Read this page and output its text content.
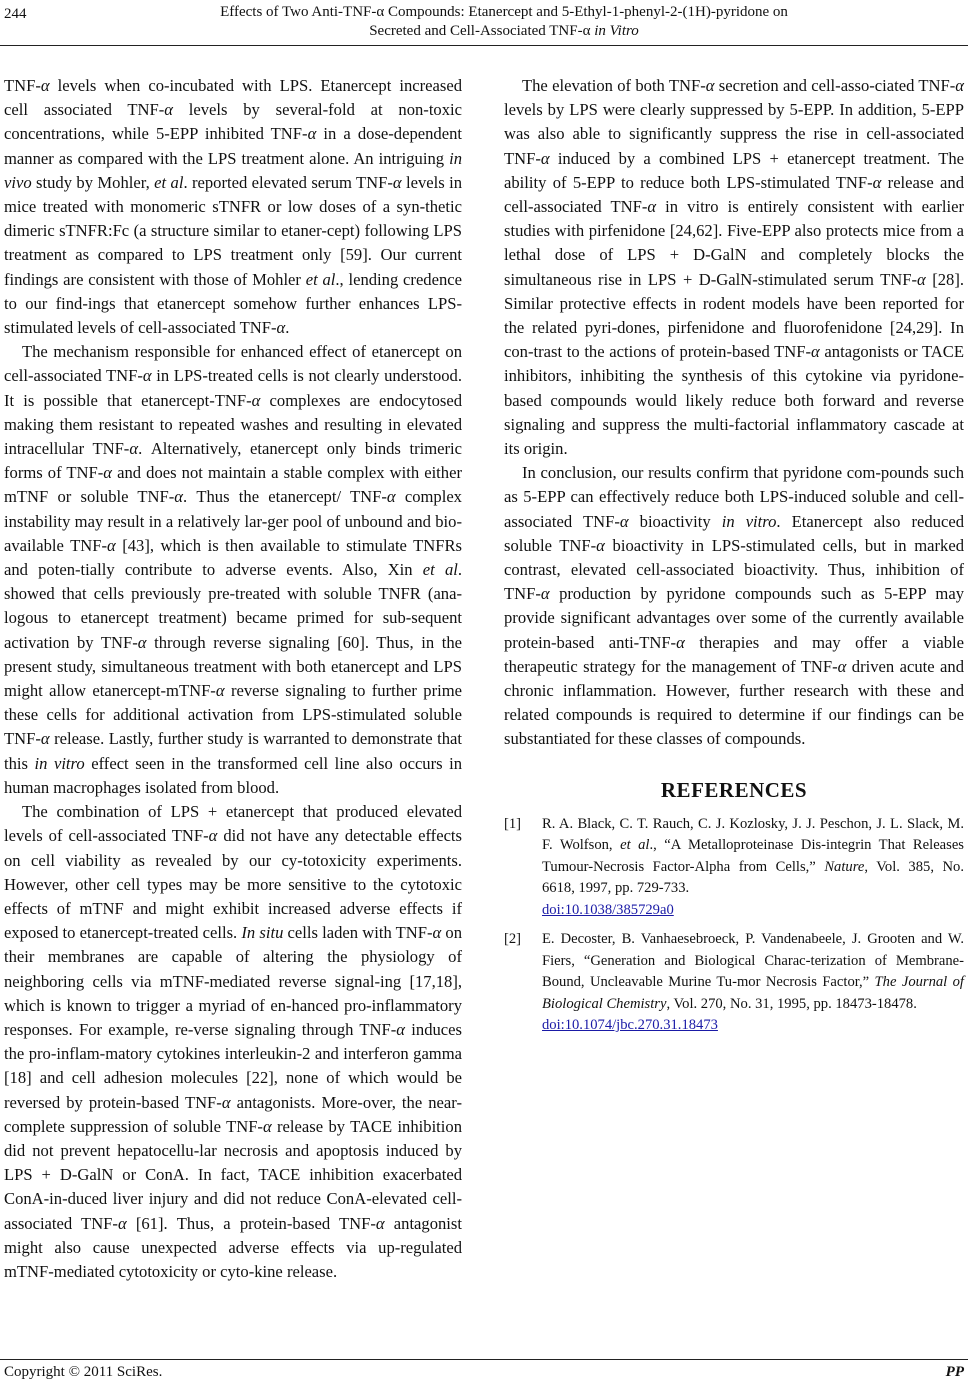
244	Effects of Two Anti-TNF-α Compounds: Etanercept and 5-Ethyl-1-phenyl-2-(1H)-pyridone on
Secreted and Cell-Associated TNF-α in Vitro

TNF-α levels when co-incubated with LPS. Etanercept increased cell associated TNF-α levels by several-fold at non-toxic concentrations, while 5-EPP inhibited TNF-α in a dose-dependent manner as compared with the LPS treatment alone. An intriguing in vivo study by Mohler, et al. reported elevated serum TNF-α levels in mice treated with monomeric sTNFR or low doses of a syn-thetic dimeric sTNFR:Fc (a structure similar to etaner-cept) following LPS treatment as compared to LPS treatment only [59]. Our current findings are consistent with those of Mohler et al., lending credence to our find-ings that etanercept somehow further enhances LPS-stimulated levels of cell-associated TNF-α.

The mechanism responsible for enhanced effect of etanercept on cell-associated TNF-α in LPS-treated cells is not clearly understood. It is possible that etanercept-TNF-α complexes are endocytosed making them resistant to repeated washes and resulting in elevated intracellular TNF-α. Alternatively, etanercept only binds trimeric forms of TNF-α and does not maintain a stable complex with either mTNF or soluble TNF-α. Thus the etanercept/ TNF-α complex instability may result in a relatively lar-ger pool of unbound and bio-available TNF-α [43], which is then available to stimulate TNFRs and poten-tially contribute to adverse events. Also, Xin et al. showed that cells previously pre-treated with soluble TNFR (ana-logous to etanercept treatment) became primed for sub-sequent activation by TNF-α through reverse signaling [60]. Thus, in the present study, simultaneous treatment with both etanercept and LPS might allow etanercept-mTNF-α reverse signaling to further prime these cells for additional activation from LPS-stimulated soluble TNF-α release. Lastly, further study is warranted to demonstrate that this in vitro effect seen in the transformed cell line also occurs in human macrophages isolated from blood.

The combination of LPS + etanercept that produced elevated levels of cell-associated TNF-α did not have any detectable effects on cell viability as revealed by our cy-totoxicity experiments. However, other cell types may be more sensitive to the cytotoxic effects of mTNF and might exhibit increased adverse effects if exposed to etanercept-treated cells. In situ cells laden with TNF-α on their membranes are capable of altering the physiology of neighboring cells via mTNF-mediated reverse signal-ing [17,18], which is known to trigger a myriad of en-hanced pro-inflammatory responses. For example, re-verse signaling through TNF-α induces the pro-inflam-matory cytokines interleukin-2 and interferon gamma [18] and cell adhesion molecules [22], none of which would be reversed by protein-based TNF-α antagonists. More-over, the near-complete suppression of soluble TNF-α release by TACE inhibition did not prevent hepatocellu-lar necrosis and apoptosis induced by LPS + D-GalN or ConA. In fact, TACE inhibition exacerbated ConA-in-duced liver injury and did not reduce ConA-elevated cell-associated TNF-α [61]. Thus, a protein-based TNF-α antagonist might also cause unexpected adverse effects via up-regulated mTNF-mediated cytotoxicity or cyto-kine release.

The elevation of both TNF-α secretion and cell-asso-ciated TNF-α levels by LPS were clearly suppressed by 5-EPP. In addition, 5-EPP was also able to significantly suppress the rise in cell-associated TNF-α induced by a combined LPS + etanercept treatment. The ability of 5-EPP to reduce both LPS-stimulated TNF-α release and cell-associated TNF-α in vitro is entirely consistent with earlier studies with pirfenidone [24,62]. Five-EPP also protects mice from a lethal dose of LPS + D-GalN and completely blocks the simultaneous rise in LPS + D-GalN-stimulated serum TNF-α [28]. Similar protective effects in rodent models have been reported for the related pyri-dones, pirfenidone and fluorofenidone [24,29]. In con-trast to the actions of protein-based TNF-α antagonists or TACE inhibitors, inhibiting the synthesis of this cytokine via pyridone-based compounds would likely reduce both forward and reverse signaling and suppress the multi-factorial inflammatory cascade at its origin.

In conclusion, our results confirm that pyridone com-pounds such as 5-EPP can effectively reduce both LPS-induced soluble and cell-associated TNF-α bioactivity in vitro. Etanercept also reduced soluble TNF-α bioactivity in LPS-stimulated cells, but in marked contrast, elevated cell-associated bioactivity. Thus, inhibition of TNF-α production by pyridone compounds such as 5-EPP may provide significant advantages over some of the currently available protein-based anti-TNF-α therapies and may offer a viable therapeutic strategy for the management of TNF-α driven acute and chronic inflammation. However, further research with these and related compounds is required to determine if our findings can be substantiated for these classes of compounds.

REFERENCES
[1]	R. A. Black, C. T. Rauch, C. J. Kozlosky, J. J. Peschon, J. L. Slack, M. F. Wolfson, et al., “A Metalloproteinase Dis-integrin That Releases Tumour-Necrosis Factor-Alpha from Cells,” Nature, Vol. 385, No. 6618, 1997, pp. 729-733.
doi:10.1038/385729a0
[2]	E. Decoster, B. Vanhaesebroeck, P. Vandenabeele, J. Grooten and W. Fiers, “Generation and Biological Charac-terization of Membrane-Bound, Uncleavable Murine Tu-mor Necrosis Factor,” The Journal of Biological Chemistry, Vol. 270, No. 31, 1995, pp. 18473-18478.
doi:10.1074/jbc.270.31.18473
Copyright © 2011 SciRes.	PP
